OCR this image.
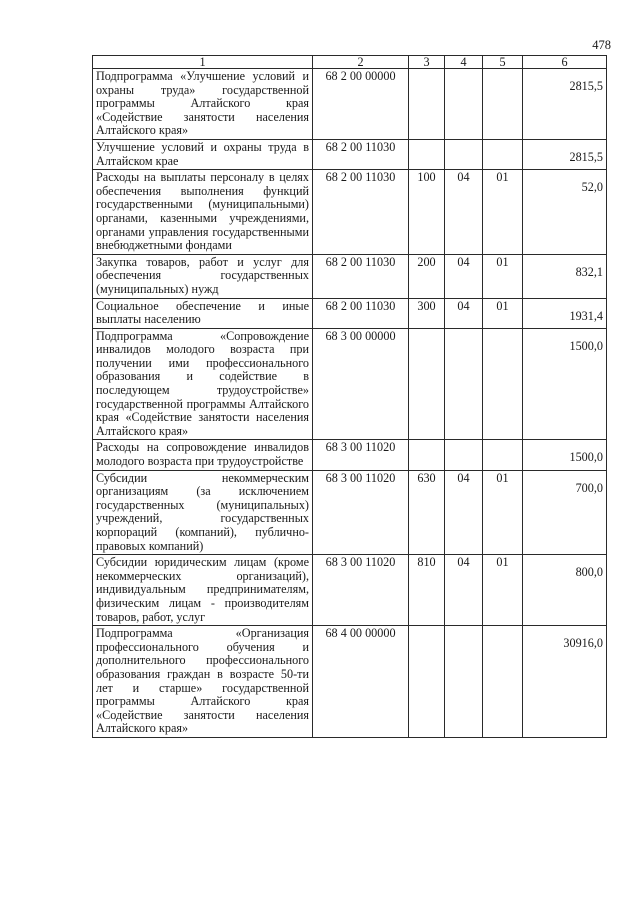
478
1	2	3	4	5	6
Подпрограмма «Улучшение условий и охраны труда» государственной программы Алтайского края «Содействие занятости населения Алтайского края»	68 2 00 00000				2815,5

Улучшение условий и охраны труда в Алтайском крае	68 2 00 11030				2815,5

Расходы на выплаты персоналу в целях обеспечения выполнения функций государственными (муниципальными) органами, казенными учреждениями, органами управления государственными внебюджетными фондами	68 2 00 11030	100	04	01	52,0

Закупка товаров, работ и услуг для обеспечения государственных (муниципальных) нужд	68 2 00 11030	200	04	01	832,1

Социальное обеспечение и иные выплаты населению	68 2 00 11030	300	04	01	1931,4

Подпрограмма «Сопровождение инвалидов молодого возраста при получении ими профессионального образования и содействие в последующем трудоустройстве» государственной программы Алтайского края «Содействие занятости населения Алтайского края»	68 3 00 00000				1500,0

Расходы на сопровождение инвалидов молодого возраста при трудоустройстве	68 3 00 11020				1500,0

Субсидии некоммерческим организациям (за исключением государственных (муниципальных) учреждений, государственных корпораций (компаний), публично-правовых компаний)	68 3 00 11020	630	04	01	700,0

Субсидии юридическим лицам (кроме некоммерческих организаций), индивидуальным предпринимателям, физическим лицам - производителям товаров, работ, услуг	68 3 00 11020	810	04	01	800,0

Подпрограмма «Организация профессионального обучения и дополнительного профессионального образования граждан в возрасте 50-ти лет и старше» государственной программы Алтайского края «Содействие занятости населения Алтайского края»	68 4 00 00000				30916,0
